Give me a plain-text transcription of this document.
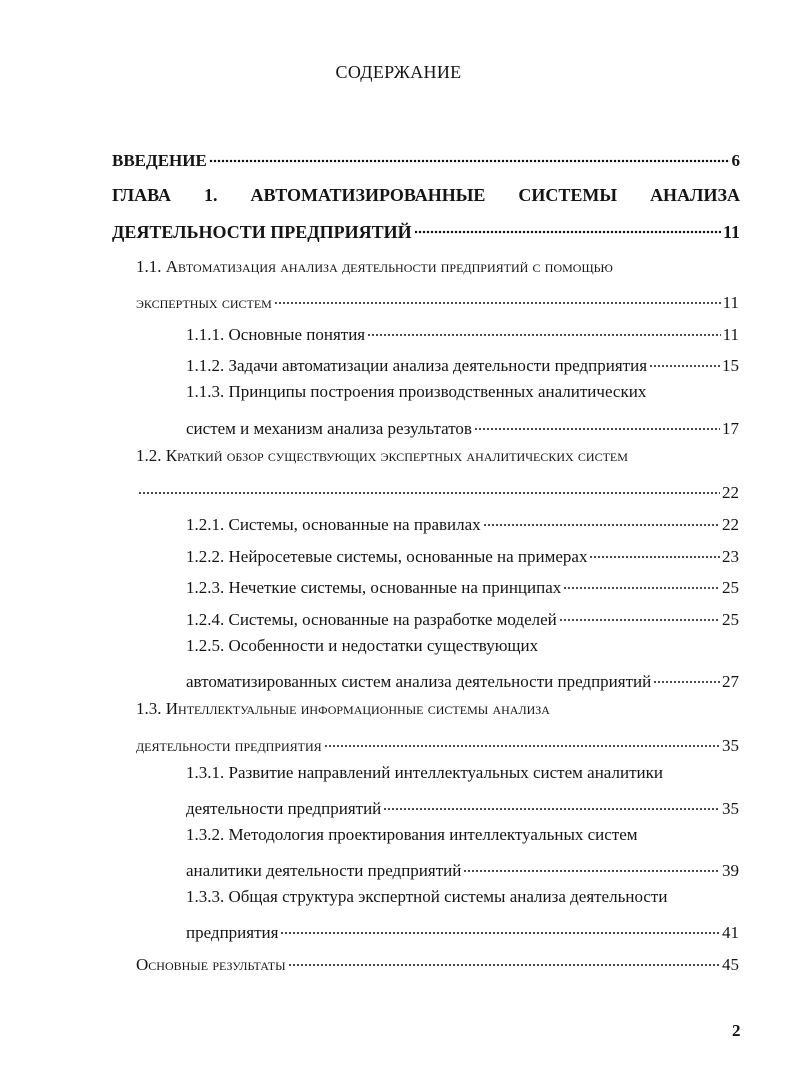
СОДЕРЖАНИЕ
ВВЕДЕНИЕ	6
ГЛАВА 1. АВТОМАТИЗИРОВАННЫЕ СИСТЕМЫ АНАЛИЗА
ДЕЯТЕЛЬНОСТИ ПРЕДПРИЯТИЙ	11
1.1. Автоматизация анализа деятельности предприятий с помощью
экспертных систем	11
1.1.1. Основные понятия	11
1.1.2. Задачи автоматизации анализа деятельности предприятия	15
1.1.3. Принципы построения производственных аналитических
систем и механизм анализа результатов	17
1.2. Краткий обзор существующих экспертных аналитических систем
22
1.2.1. Системы, основанные на правилах	22
1.2.2. Нейросетевые системы, основанные на примерах	23
1.2.3. Нечеткие системы, основанные на принципах	25
1.2.4. Системы, основанные на разработке моделей	25
1.2.5. Особенности и недостатки существующих
автоматизированных систем анализа деятельности предприятий	27
1.3. Интеллектуальные информационные системы анализа
деятельности предприятия	35
1.3.1. Развитие направлений интеллектуальных систем аналитики
деятельности предприятий	35
1.3.2. Методология проектирования интеллектуальных систем
аналитики деятельности предприятий	39
1.3.3. Общая структура экспертной системы анализа деятельности
предприятия	41
Основные результаты	45
2
